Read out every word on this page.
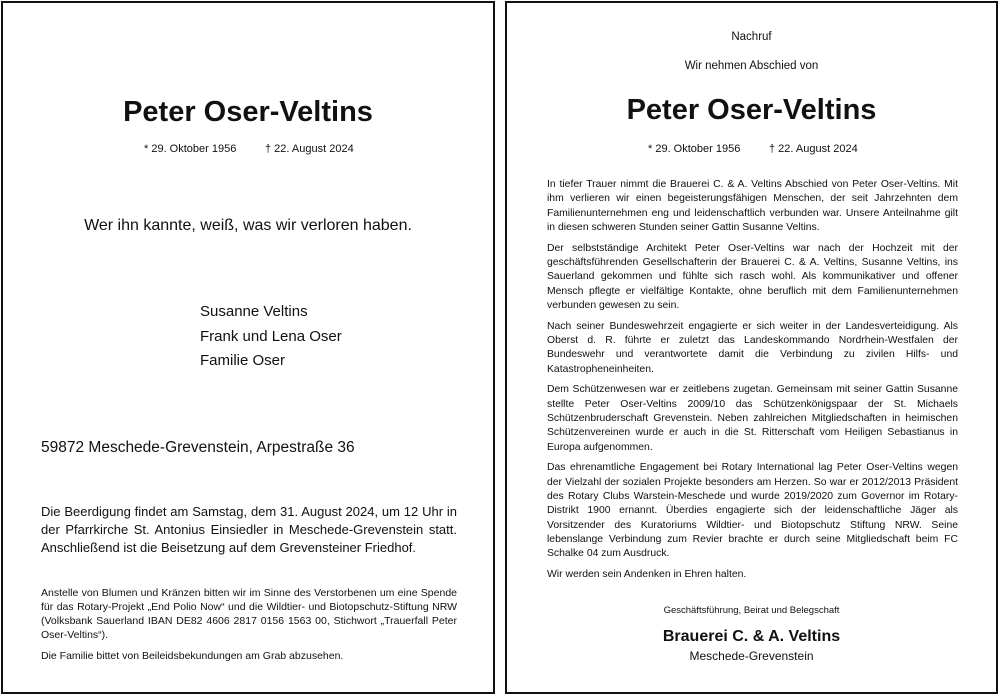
Peter Oser-Veltins
* 29. Oktober 1956	† 22. August 2024
Wer ihn kannte, weiß, was wir verloren haben.
Susanne Veltins
Frank und Lena Oser
Familie Oser
59872 Meschede-Grevenstein, Arpestraße 36
Die Beerdigung findet am Samstag, dem 31. August 2024, um 12 Uhr in der Pfarrkirche St. Antonius Einsiedler in Meschede-Grevenstein statt. Anschließend ist die Beisetzung auf dem Grevensteiner Friedhof.
Anstelle von Blumen und Kränzen bitten wir im Sinne des Verstorbenen um eine Spende für das Rotary-Projekt „End Polio Now“ und die Wildtier- und Biotopschutz-Stiftung NRW (Volksbank Sauerland IBAN DE82 4606 2817 0156 1563 00, Stichwort „Trauerfall Peter Oser-Veltins“).
Die Familie bittet von Beileidsbekundungen am Grab abzusehen.
Nachruf
Wir nehmen Abschied von
Peter Oser-Veltins
* 29. Oktober 1956	† 22. August 2024

In tiefer Trauer nimmt die Brauerei C. & A. Veltins Abschied von Peter Oser-Veltins. Mit ihm verlieren wir einen begeisterungsfähigen Menschen, der seit Jahrzehnten dem Familienunternehmen eng und leidenschaftlich verbunden war. Unsere Anteilnahme gilt in diesen schweren Stunden seiner Gattin Susanne Veltins.

Der selbstständige Architekt Peter Oser-Veltins war nach der Hochzeit mit der geschäftsführenden Gesellschafterin der Brauerei C. & A. Veltins, Susanne Veltins, ins Sauerland gekommen und fühlte sich rasch wohl. Als kommunikativer und offener Mensch pflegte er vielfältige Kontakte, ohne beruflich mit dem Familienunternehmen verbunden gewesen zu sein.

Nach seiner Bundeswehrzeit engagierte er sich weiter in der Landesverteidigung. Als Oberst d. R. führte er zuletzt das Landeskommando Nordrhein-Westfalen der Bundeswehr und verantwortete damit die Verbindung zu zivilen Hilfs- und Katastropheneinheiten.

Dem Schützenwesen war er zeitlebens zugetan. Gemeinsam mit seiner Gattin Susanne stellte Peter Oser-Veltins 2009/10 das Schützenkönigspaar der St. Michaels Schützenbruderschaft Grevenstein. Neben zahlreichen Mitgliedschaften in heimischen Schützenvereinen wurde er auch in die St. Ritterschaft vom Heiligen Sebastianus in Europa aufgenommen.

Das ehrenamtliche Engagement bei Rotary International lag Peter Oser-Veltins wegen der Vielzahl der sozialen Projekte besonders am Herzen. So war er 2012/2013 Präsident des Rotary Clubs Warstein-Meschede und wurde 2019/2020 zum Governor im Rotary-Distrikt 1900 ernannt. Überdies engagierte sich der leidenschaftliche Jäger als Vorsitzender des Kuratoriums Wildtier- und Biotopschutz Stiftung NRW. Seine lebenslange Verbindung zum Revier brachte er durch seine Mitgliedschaft beim FC Schalke 04 zum Ausdruck.

Wir werden sein Andenken in Ehren halten.

Geschäftsführung, Beirat und Belegschaft
Brauerei C. & A. Veltins
Meschede-Grevenstein
